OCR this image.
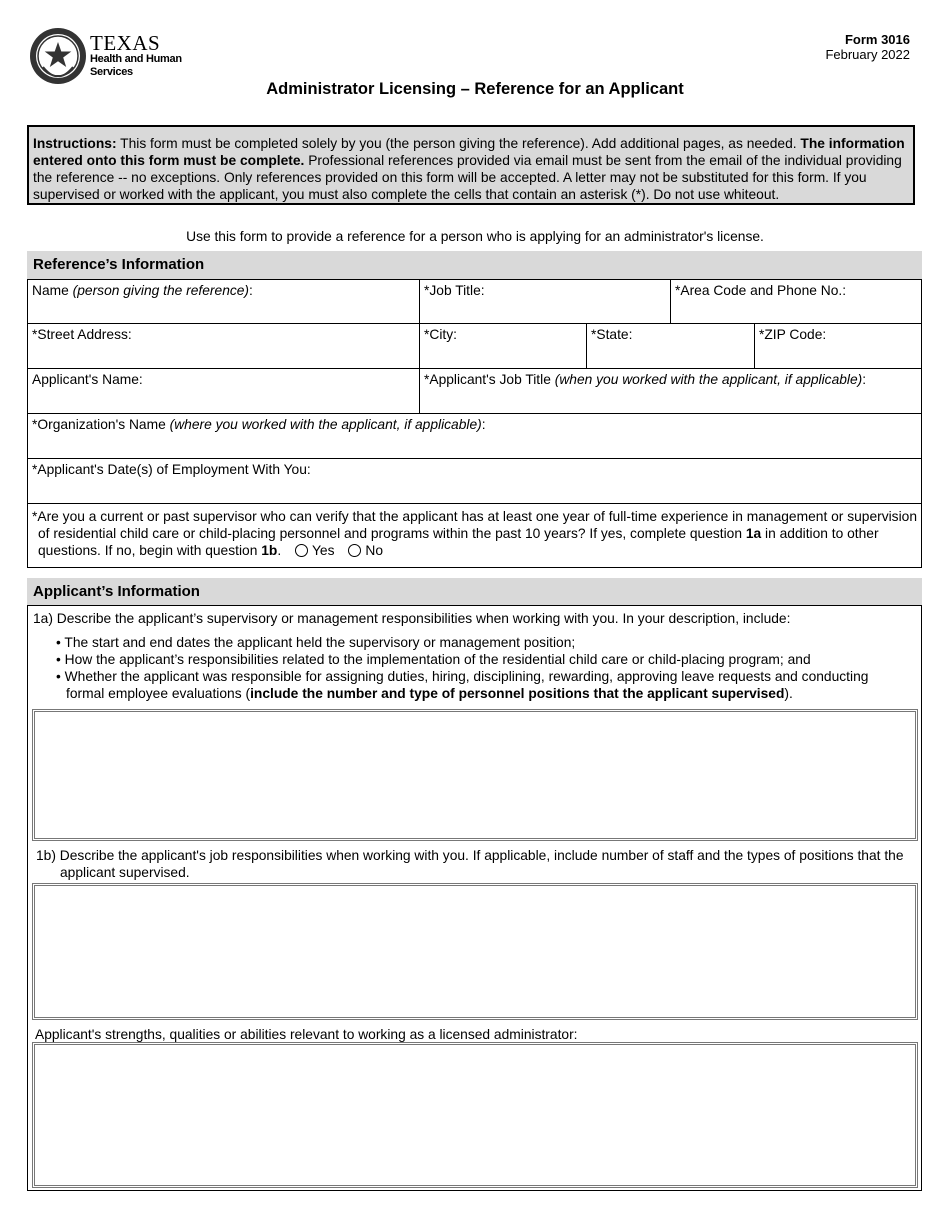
TEXAS
Health and Human
Services
Form 3016
February 2022
Administrator Licensing – Reference for an Applicant
Instructions: This form must be completed solely by you (the person giving the reference). Add additional pages, as needed. The information entered onto this form must be complete. Professional references provided via email must be sent from the email of the individual providing the reference -- no exceptions. Only references provided on this form will be accepted. A letter may not be substituted for this form. If you supervised or worked with the applicant, you must also complete the cells that contain an asterisk (*). Do not use whiteout.
Use this form to provide a reference for a person who is applying for an administrator's license.
Reference’s Information
Name (person giving the reference):	*Job Title:	*Area Code and Phone No.:
*Street Address:	*City:	*State:	*ZIP Code:
Applicant's Name:	*Applicant's Job Title (when you worked with the applicant, if applicable):
*Organization's Name (where you worked with the applicant, if applicable):
*Applicant's Date(s) of Employment With You:
*Are you a current or past supervisor who can verify that the applicant has at least one year of full-time experience in management or supervision of residential child care or child-placing personnel and programs within the past 10 years? If yes, complete question 1a in addition to other questions. If no, begin with question 1b. Yes No
Applicant’s Information
1a) Describe the applicant’s supervisory or management responsibilities when working with you. In your description, include:
• The start and end dates the applicant held the supervisory or management position;
• How the applicant’s responsibilities related to the implementation of the residential child care or child-placing program; and
• Whether the applicant was responsible for assigning duties, hiring, disciplining, rewarding, approving leave requests and conducting formal employee evaluations (include the number and type of personnel positions that the applicant supervised).
1b) Describe the applicant's job responsibilities when working with you. If applicable, include number of staff and the types of positions that the applicant supervised.
Applicant's strengths, qualities or abilities relevant to working as a licensed administrator:
